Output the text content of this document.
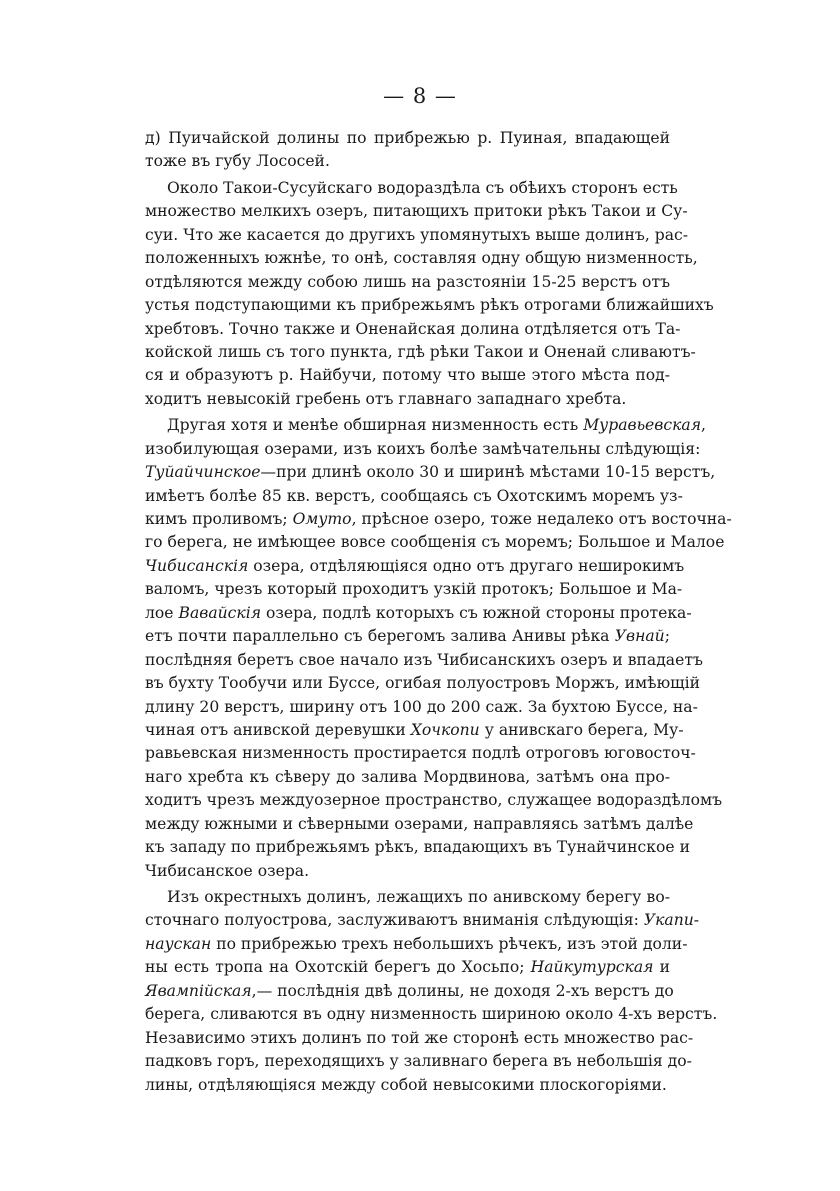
— 8 —
д) Пуичайской долины по прибрежью р. Пуиная, впадающей
тоже въ губу Лососей.
Около Такои-Сусуйскаго водораздѣла съ обѣихъ сторонъ есть
множество мелкихъ озеръ, питающихъ притоки рѣкъ Такои и Су-
суи. Что же касается до другихъ упомянутыхъ выше долинъ, рас-
положенныхъ южнѣе, то онѣ, составляя одну общую низменность,
отдѣляются между собою лишь на разстояніи 15-25 верстъ отъ
устья подступающими къ прибрежьямъ рѣкъ отрогами ближайшихъ
хребтовъ. Точно также и Оненайская долина отдѣляется отъ Та-
койской лишь съ того пункта, гдѣ рѣки Такои и Оненай сливаютъ-
ся и образуютъ р. Найбучи, потому что выше этого мѣста под-
ходитъ невысокій гребень отъ главнаго западнаго хребта.
Другая хотя и менѣе обширная низменность есть Муравьевская,
изобилующая озерами, изъ коихъ болѣе замѣчательны слѣдующія:
Туйайчинское—при длинѣ около 30 и ширинѣ мѣстами 10-15 верстъ,
имѣетъ болѣе 85 кв. верстъ, сообщаясь съ Охотскимъ моремъ уз-
кимъ проливомъ; Омуто, прѣсное озеро, тоже недалеко отъ восточна-
го берега, не имѣющее вовсе сообщенія съ моремъ; Большое и Малое
Чибисанскія озера, отдѣляющіяся одно отъ другаго неширокимъ
валомъ, чрезъ который проходитъ узкій протокъ; Большое и Ма-
лое Вавайскія озера, подлѣ которыхъ съ южной стороны протека-
етъ почти параллельно съ берегомъ залива Анивы рѣка Увнай;
послѣдняя беретъ свое начало изъ Чибисанскихъ озеръ и впадаетъ
въ бухту Тообучи или Буссе, огибая полуостровъ Моржъ, имѣющій
длину 20 верстъ, ширину отъ 100 до 200 саж. За бухтою Буссе, на-
чиная отъ анивской деревушки Хочкопи у анивскаго берега, Му-
равьевская низменность простирается подлѣ отроговъ юговосточ-
наго хребта къ сѣверу до залива Мордвинова, затѣмъ она про-
ходитъ чрезъ междуозерное пространство, служащее водораздѣломъ
между южными и сѣверными озерами, направляясь затѣмъ далѣе
къ западу по прибрежьямъ рѣкъ, впадающихъ въ Тунайчинское и
Чибисанское озера.
Изъ окрестныхъ долинъ, лежащихъ по анивскому берегу во-
сточнаго полуострова, заслуживаютъ вниманія слѣдующія: Укапи-
наускан по прибрежью трехъ небольшихъ рѣчекъ, изъ этой доли-
ны есть тропа на Охотскій берегъ до Хосьпо; Найкутурская и
Явампійская,— послѣднія двѣ долины, не доходя 2-хъ верстъ до
берега, сливаются въ одну низменность шириною около 4-хъ верстъ.
Независимо этихъ долинъ по той же сторонѣ есть множество рас-
падковъ горъ, переходящихъ у заливнаго берега въ небольшія до-
лины, отдѣляющіяся между собой невысокими плоскогоріями.
